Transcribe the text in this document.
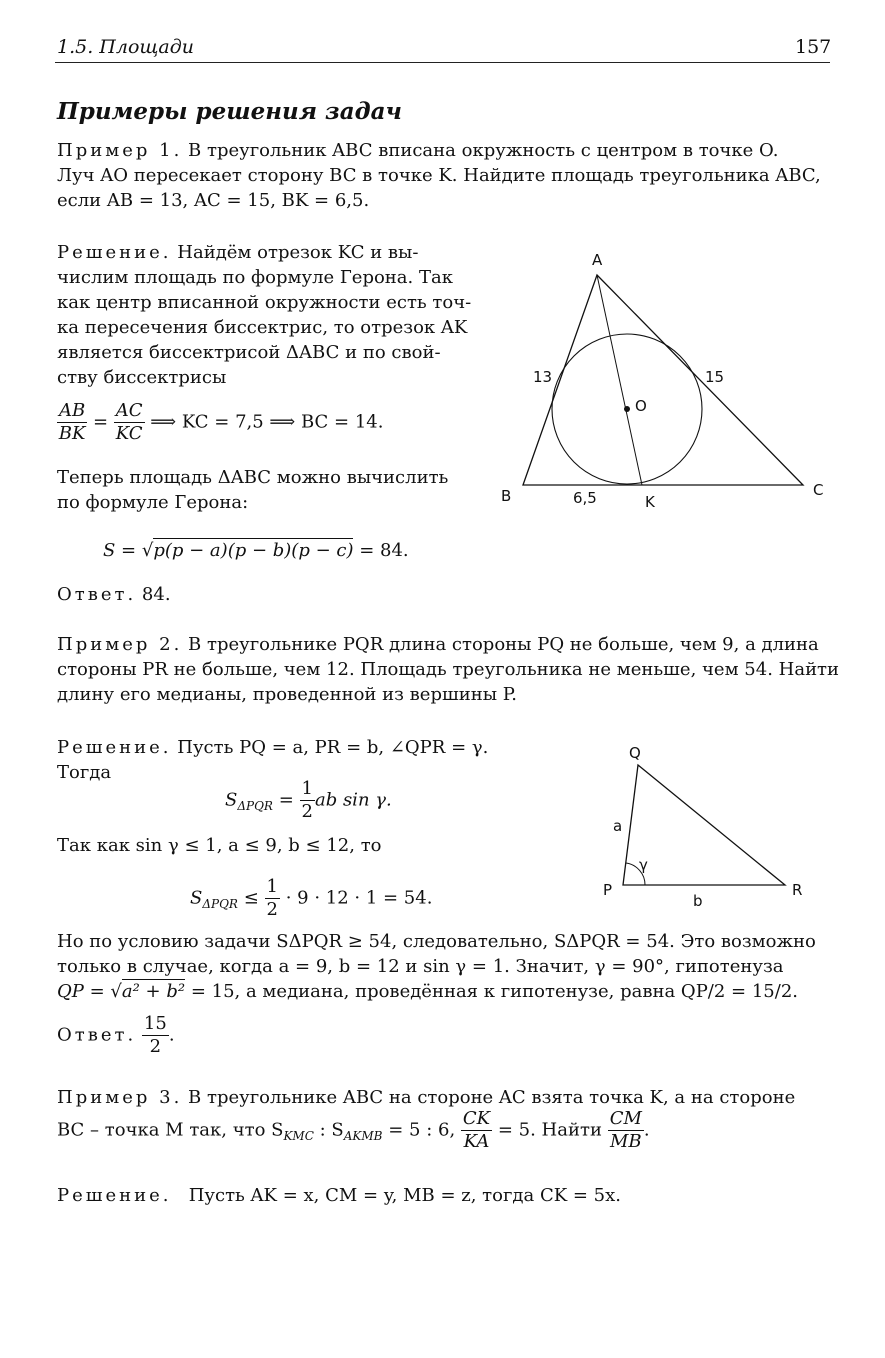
1.5. Площади	157
Примеры решения задач

Пример 1. В треугольник ABC вписана окружность с центром в точке O.

Луч AO пересекает сторону BC в точке K. Найдите площадь треугольника ABC,

если AB = 13, AC = 15, BK = 6,5.

Решение. Найдём отрезок KC и вы-

числим площадь по формуле Герона. Так

как центр вписанной окружности есть точ-

ка пересечения биссектрис, то отрезок AK

является биссектрисой ΔABC и по свой-

ству биссектрисы

$\frac{AB}{BK} = \frac{AC}{KC}$ ⟹ KC = 7,5 ⟹ BC = 14.

Теперь площадь ΔABC можно вычислить

по формуле Герона:

S = √p(p − a)(p − b)(p − c) = 84.

Ответ. 84.

A
B	C
O
K
13	15
6,5

Пример 2. В треугольнике PQR длина стороны PQ не больше, чем 9, а длина

стороны PR не больше, чем 12. Площадь треугольника не меньше, чем 54. Найти

длину его медианы, проведенной из вершины P.

Решение. Пусть PQ = a, PR = b, ∠QPR = γ.

Тогда

$S_{\Delta PQR} = \frac{1}{2}$ ab sin γ.

Так как sin γ ≤ 1, a ≤ 9, b ≤ 12, то

$S_{\Delta PQR} \le \frac{1}{2} \cdot 9 \cdot 12 \cdot 1 = 54$.

Но по условию задачи SΔPQR ≥ 54, следовательно, SΔPQR = 54. Это возможно

только в случае, когда a = 9, b = 12 и sin γ = 1. Значит, γ = 90°, гипотенуза

QP = √a² + b² = 15, а медиана, проведённая к гипотенузе, равна QP/2 = 15/2.

Ответ. $\frac{15}{2}$ .
Q
P	R
a
b
γ

Пример 3. В треугольнике ABC на стороне AC взята точка K, а на стороне

BC – точка M так, что $S_{KMC}$ : $S_{AKMB} = 5$ : 6, $\frac{CK}{KA} = 5$. Найти $\frac{CM}{MB}$ .

Решение. Пусть AK = x, CM = y, MB = z, тогда CK = 5x.
